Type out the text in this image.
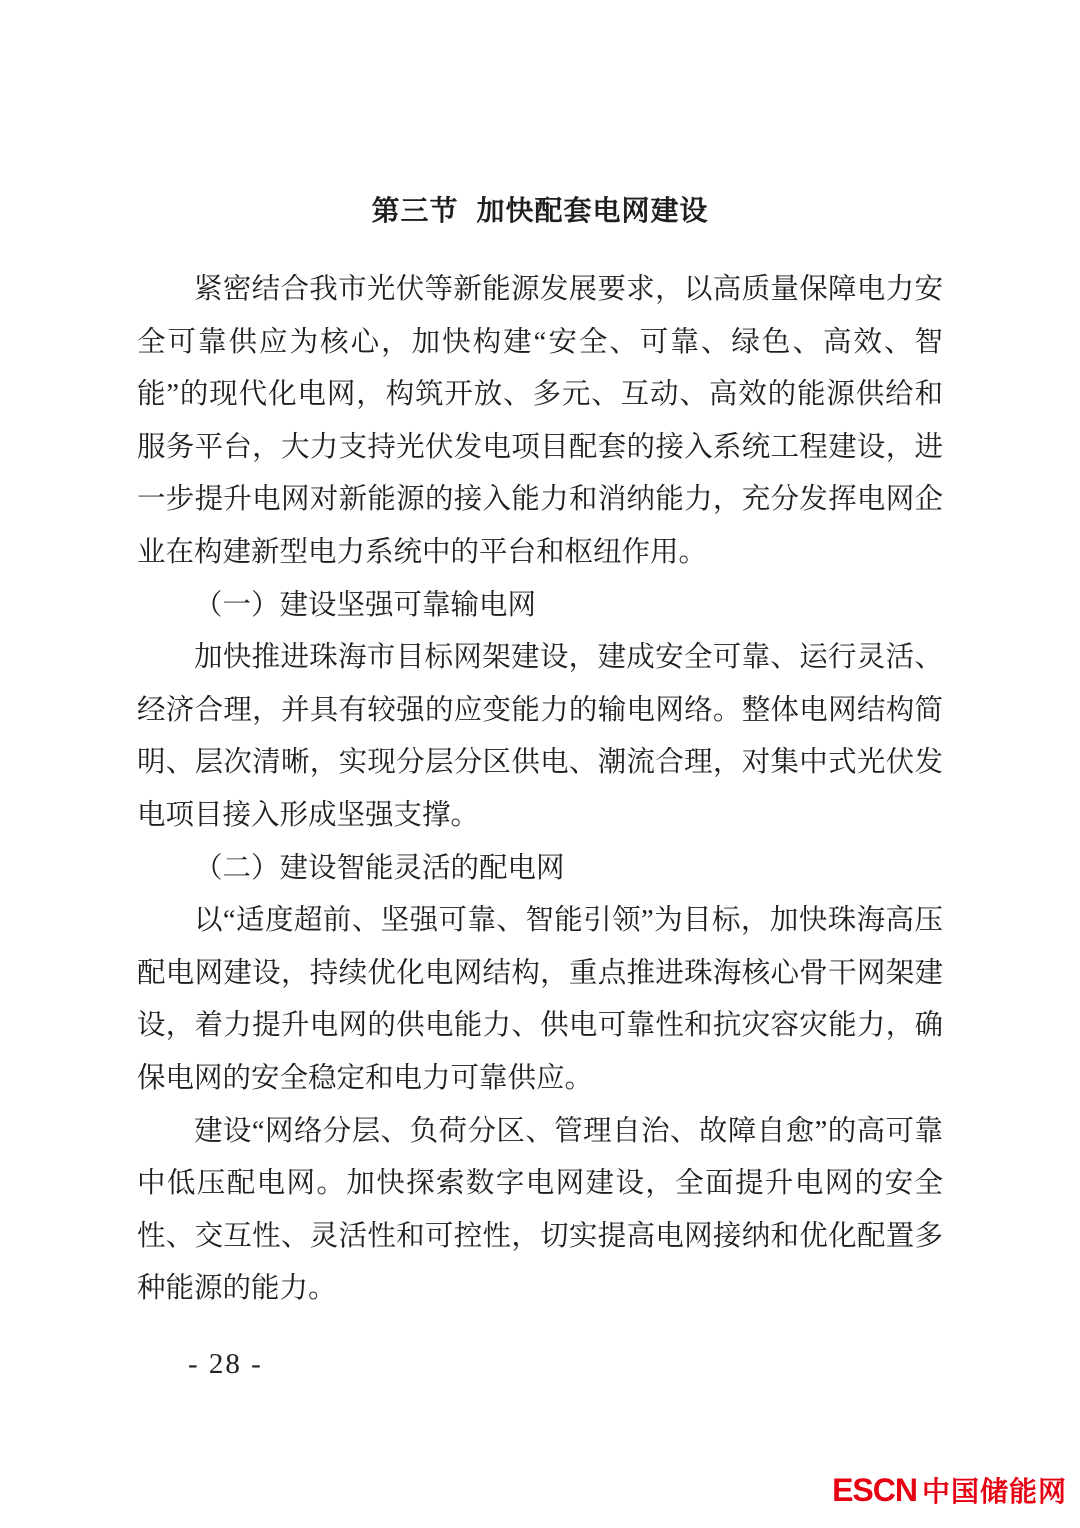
第三节 加快配套电网建设

紧密结合我市光伏等新能源发展要求，以高质量保障电力安全可靠供应为核心，加快构建“安全、可靠、绿色、高效、智能”的现代化电网，构筑开放、多元、互动、高效的能源供给和服务平台，大力支持光伏发电项目配套的接入系统工程建设，进一步提升电网对新能源的接入能力和消纳能力，充分发挥电网企业在构建新型电力系统中的平台和枢纽作用。

（一）建设坚强可靠输电网

加快推进珠海市目标网架建设，建成安全可靠、运行灵活、经济合理，并具有较强的应变能力的输电网络。整体电网结构简明、层次清晰，实现分层分区供电、潮流合理，对集中式光伏发电项目接入形成坚强支撑。

（二）建设智能灵活的配电网

以“适度超前、坚强可靠、智能引领”为目标，加快珠海高压配电网建设，持续优化电网结构，重点推进珠海核心骨干网架建设，着力提升电网的供电能力、供电可靠性和抗灾容灾能力，确保电网的安全稳定和电力可靠供应。

建设“网络分层、负荷分区、管理自治、故障自愈”的高可靠中低压配电网。加快探索数字电网建设，全面提升电网的安全性、交互性、灵活性和可控性，切实提高电网接纳和优化配置多种能源的能力。

- 28 -
ESCN 中国储能网
